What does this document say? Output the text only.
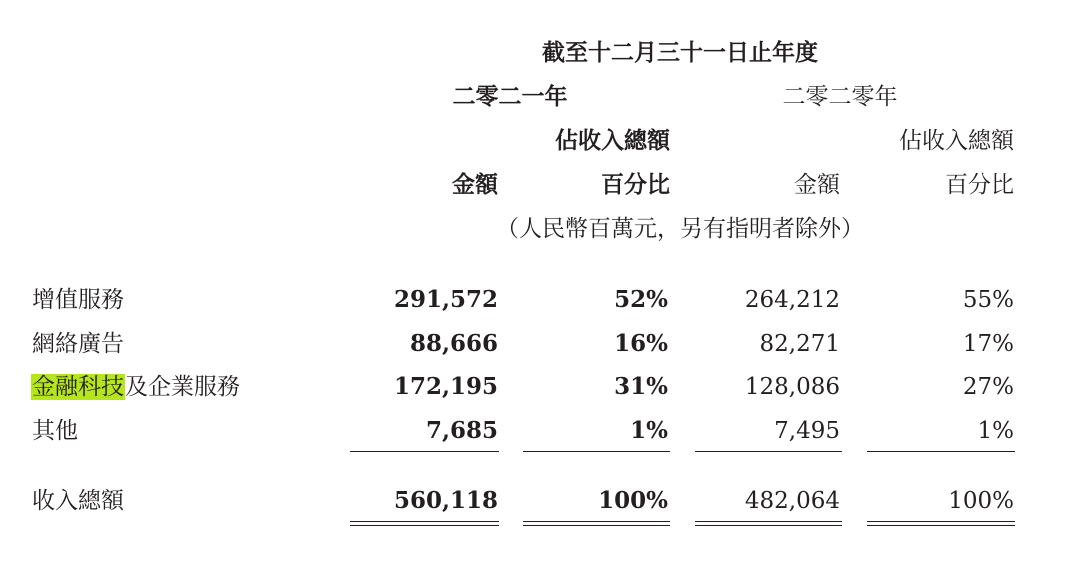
截至十二月三十一日止年度
二零二一年	二零二零年
佔收入總額	佔收入總額
金額	百分比	金額	百分比
（人民幣百萬元，另有指明者除外）
增值服務	291,572	52%	264,212	55%
網絡廣告	88,666	16%	82,271	17%
金融科技及企業服務	172,195	31%	128,086	27%
其他	7,685	1%	7,495	1%
收入總額	560,118	100%	482,064	100%
